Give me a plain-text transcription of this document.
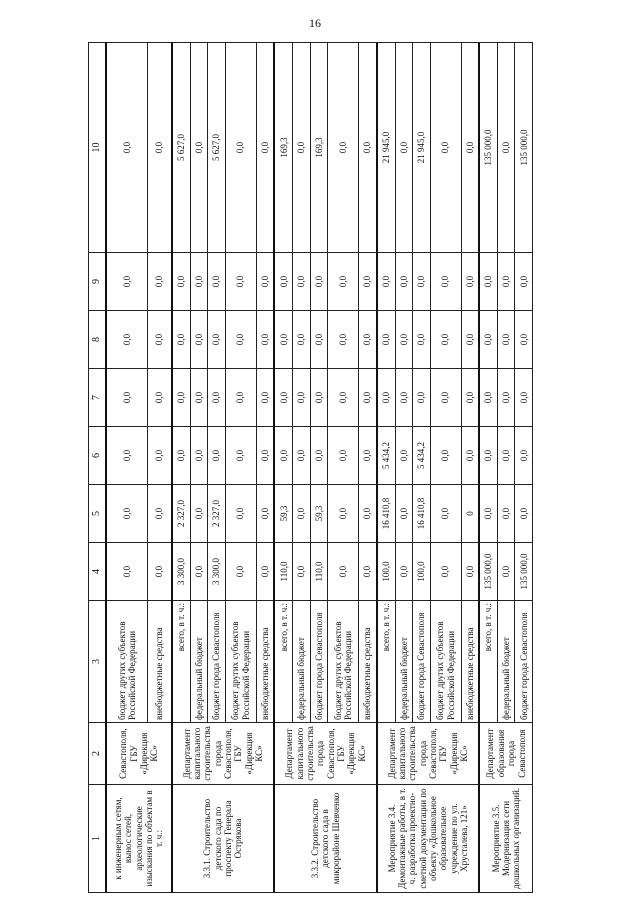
16
1	2	3	4	5	6	7	8	9	10
к инженерным сетям, вынос сетей, археологические изыскания по объектам в т. ч.:	Севастополя, ГБУ «Дирекция КС»	бюджет других субъектов Российской Федерации	0,0	0,0	0,0	0,0	0,0	0,0	0,0
		внебюджетные средства	0,0	0,0	0,0	0,0	0,0	0,0	0,0
3.3.1. Строительство детского сада по проспекту Генерала Острякова	Департамент капитального строительства города Севастополя, ГБУ «Дирекция КС»	всего, в т. ч.:	3 300,0	2 327,0	0,0	0,0	0,0	0,0	5 627,0
		федеральный бюджет	0,0	0,0	0,0	0,0	0,0	0,0	0,0
		бюджет города Севастополя	3 300,0	2 327,0	0,0	0,0	0,0	0,0	5 627,0
		бюджет других субъектов Российской Федерации	0,0	0,0	0,0	0,0	0,0	0,0	0,0
		внебюджетные средства	0,0	0,0	0,0	0,0	0,0	0,0	0,0
3.3.2. Строительство детского сада в микрорайоне Шевченко	Департамент капитального строительства города Севастополя, ГБУ «Дирекция КС»	всего, в т. ч.:	110,0	59,3	0,0	0,0	0,0	0,0	169,3
		федеральный бюджет	0,0	0,0	0,0	0,0	0,0	0,0	0,0
		бюджет города Севастополя	110,0	59,3	0,0	0,0	0,0	0,0	169,3
		бюджет других субъектов Российской Федерации	0,0	0,0	0,0	0,0	0,0	0,0	0,0
		внебюджетные средства	0,0	0,0	0,0	0,0	0,0	0,0	0,0
Мероприятие 3.4. Демонтажные работы, в т. ч. разработка проектно-сметной документации по объекту «Дошкольное образовательное учреждение по ул. Хрусталева, 121»	Департамент капитального строительства города Севастополя, ГБУ «Дирекция КС»	всего, в т. ч.:	100,0	16 410,8	5 434,2	0,0	0,0	0,0	21 945,0
		федеральный бюджет	0,0	0,0	0,0	0,0	0,0	0,0	0,0
		бюджет города Севастополя	100,0	16 410,8	5 434,2	0,0	0,0	0,0	21 945,0
		бюджет других субъектов Российской Федерации	0,0	0,0	0,0	0,0	0,0	0,0	0,0
		внебюджетные средства	0,0	0	0,0	0,0	0,0	0,0	0,0
Мероприятие 3.5. Модернизация сети дошкольных организаций.	Департамент образования города Севастополя	всего, в т. ч.:	135 000,0	0,0	0,0	0,0	0,0	0,0	135 000,0
		федеральный бюджет	0,0	0,0	0,0	0,0	0,0	0,0	0,0
		бюджет города Севастополя	135 000,0	0,0	0,0	0,0	0,0	0,0	135 000,0
